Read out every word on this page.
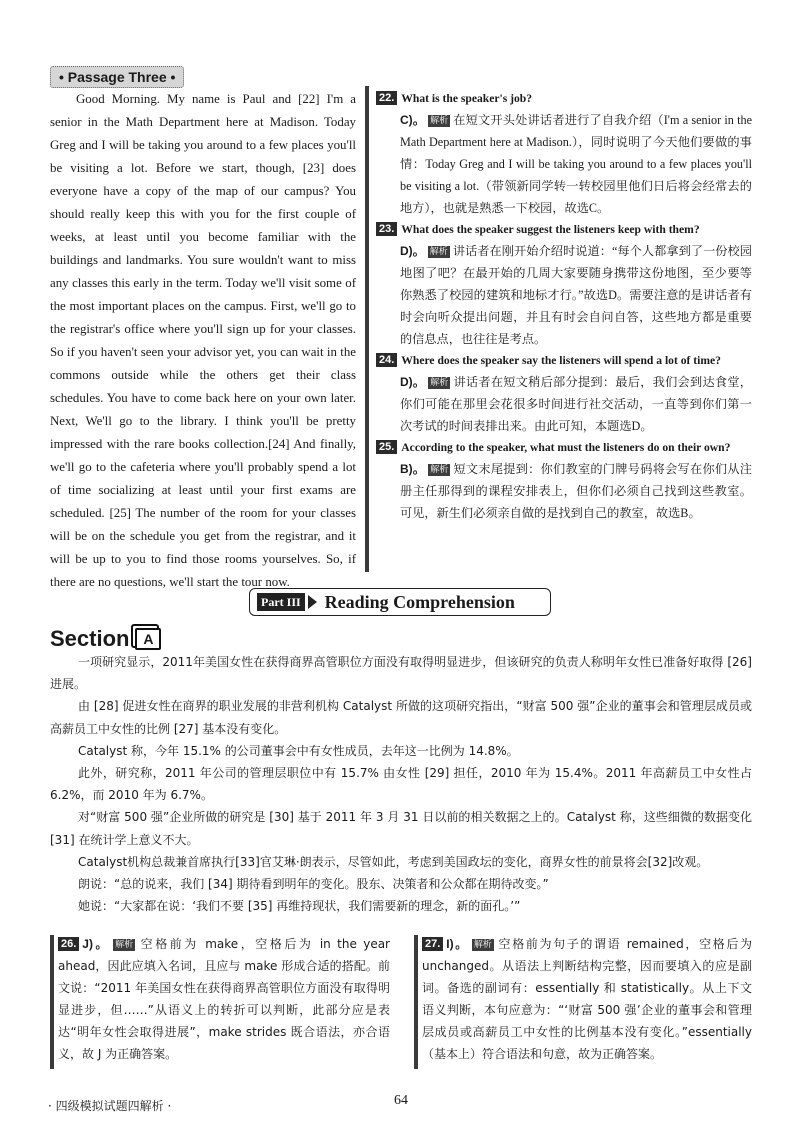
• Passage Three •
Good Morning. My name is Paul and [22] I'm a senior in the Math Department here at Madison. Today Greg and I will be taking you around to a few places you'll be visiting a lot. Before we start, though, [23] does everyone have a copy of the map of our campus? You should really keep this with you for the first couple of weeks, at least until you become familiar with the buildings and landmarks. You sure wouldn't want to miss any classes this early in the term. Today we'll visit some of the most important places on the campus. First, we'll go to the registrar's office where you'll sign up for your classes. So if you haven't seen your advisor yet, you can wait in the commons outside while the others get their class schedules. You have to come back here on your own later. Next, We'll go to the library. I think you'll be pretty impressed with the rare books collection.[24] And finally, we'll go to the cafeteria where you'll probably spend a lot of time socializing at least until your first exams are scheduled. [25] The number of the room for your classes will be on the schedule you get from the registrar, and it will be up to you to find those rooms yourselves. So, if there are no questions, we'll start the tour now.
22. What is the speaker's job?
C)。 解析 在短文开头处讲话者进行了自我介绍（I'm a senior in the Math Department here at Madison.），同时说明了今天他们要做的事情：Today Greg and I will be taking you around to a few places you'll be visiting a lot.（带领新同学转一转校园里他们日后将会经常去的地方），也就是熟悉一下校园，故选C。
23. What does the speaker suggest the listeners keep with them?
D)。 解析 讲话者在刚开始介绍时说道：“每个人都拿到了一份校园地图了吧？在最开始的几周大家要随身携带这份地图，至少要等你熟悉了校园的建筑和地标才行。”故选D。需要注意的是讲话者有时会向听众提出问题，并且有时会自问自答，这些地方都是重要的信息点，也往往是考点。
24. Where does the speaker say the listeners will spend a lot of time?
D)。 解析 讲话者在短文稍后部分提到：最后，我们会到达食堂，你们可能在那里会花很多时间进行社交活动，一直等到你们第一次考试的时间表排出来。由此可知，本题选D。
25. According to the speaker, what must the listeners do on their own?
B)。 解析 短文末尾提到：你们教室的门牌号码将会写在你们从注册主任那得到的课程安排表上，但你们必须自己找到这些教室。可见，新生们必须亲自做的是找到自己的教室，故选B。
Part III Reading Comprehension
Section A

一项研究显示，2011年美国女性在获得商界高管职位方面没有取得明显进步，但该研究的负责人称明年女性已准备好取得 [26] 进展。

由 [28] 促进女性在商界的职业发展的非营利机构 Catalyst 所做的这项研究指出，“财富 500 强”企业的董事会和管理层成员或高薪员工中女性的比例 [27] 基本没有变化。

Catalyst 称，今年 15.1% 的公司董事会中有女性成员，去年这一比例为 14.8%。

此外，研究称，2011 年公司的管理层职位中有 15.7% 由女性 [29] 担任，2010 年为 15.4%。2011 年高薪员工中女性占 6.2%，而 2010 年为 6.7%。

对“财富 500 强”企业所做的研究是 [30] 基于 2011 年 3 月 31 日以前的相关数据之上的。Catalyst 称，这些细微的数据变化 [31] 在统计学上意义不大。

Catalyst机构总裁兼首席执行[33]官艾琳·朗表示，尽管如此，考虑到美国政坛的变化，商界女性的前景将会[32]改观。

朗说：“总的说来，我们 [34] 期待看到明年的变化。股东、决策者和公众都在期待改变。”

她说：“大家都在说：‘我们不要 [35] 再维持现状，我们需要新的理念，新的面孔。’”

26. J)。 解析 空格前为 make，空格后为 in the year ahead，因此应填入名词，且应与 make 形成合适的搭配。前文说：“2011 年美国女性在获得商界高管职位方面没有取得明显进步，但……”从语义上的转折可以判断，此部分应是表达“明年女性会取得进展”，make strides 既合语法，亦合语义，故 J 为正确答案。
27. I)。 解析 空格前为句子的谓语 remained，空格后为 unchanged。从语法上判断结构完整，因而要填入的应是副词。备选的副词有：essentially 和 statistically。从上下文语义判断，本句应意为：“‘财富 500 强’企业的董事会和管理层成员或高薪员工中女性的比例基本没有变化。”essentially（基本上）符合语法和句意，故为正确答案。
· 四级模拟试题四解析 ·	64
